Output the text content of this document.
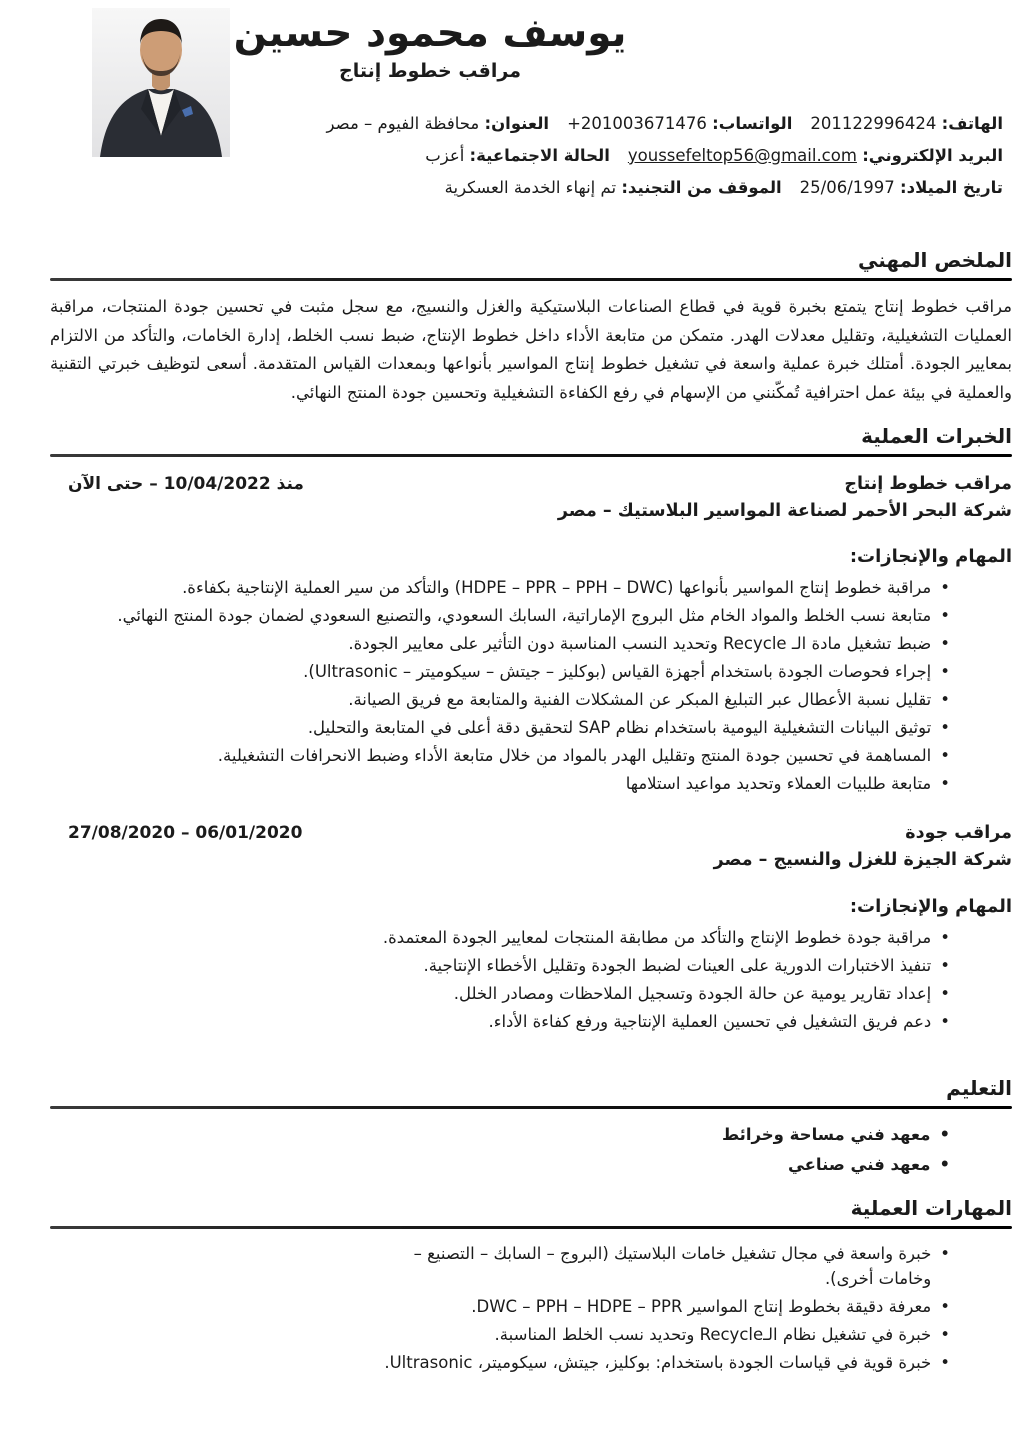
يوسف محمود حسين
مراقب خطوط إنتاج
الهاتف: 201122996424
الواتساب: +201003671476
العنوان: محافظة الفيوم – مصر
البريد الإلكتروني: youssefeltop56@gmail.com
الحالة الاجتماعية: أعزب
تاريخ الميلاد: 25/06/1997
الموقف من التجنيد: تم إنهاء الخدمة العسكرية
الملخص المهني

مراقب خطوط إنتاج يتمتع بخبرة قوية في قطاع الصناعات البلاستيكية والغزل والنسيج، مع سجل مثبت في تحسين جودة المنتجات، مراقبة العمليات التشغيلية، وتقليل معدلات الهدر. متمكن من متابعة الأداء داخل خطوط الإنتاج، ضبط نسب الخلط، إدارة الخامات، والتأكد من الالتزام بمعايير الجودة. أمتلك خبرة عملية واسعة في تشغيل خطوط إنتاج المواسير بأنواعها وبمعدات القياس المتقدمة. أسعى لتوظيف خبرتي التقنية والعملية في بيئة عمل احترافية تُمكّنني من الإسهام في رفع الكفاءة التشغيلية وتحسين جودة المنتج النهائي.

الخبرات العملية
مراقب خطوط إنتاج
شركة البحر الأحمر لصناعة المواسير البلاستيك – مصر
منذ 10/04/2022 – حتى الآن
المهام والإنجازات:
•
مراقبة خطوط إنتاج المواسير بأنواعها (HDPE – PPR – PPH – DWC) والتأكد من سير العملية الإنتاجية بكفاءة.
•
متابعة نسب الخلط والمواد الخام مثل البروج الإماراتية، السابك السعودي، والتصنيع السعودي لضمان جودة المنتج النهائي.
•
ضبط تشغيل مادة الـ Recycle وتحديد النسب المناسبة دون التأثير على معايير الجودة.
•
إجراء فحوصات الجودة باستخدام أجهزة القياس (بوكليز – جيتش – سيكوميتر – Ultrasonic).
•
تقليل نسبة الأعطال عبر التبليغ المبكر عن المشكلات الفنية والمتابعة مع فريق الصيانة.
•
توثيق البيانات التشغيلية اليومية باستخدام نظام SAP لتحقيق دقة أعلى في المتابعة والتحليل.
•
المساهمة في تحسين جودة المنتج وتقليل الهدر بالمواد من خلال متابعة الأداء وضبط الانحرافات التشغيلية.
•
متابعة طلبيات العملاء وتحديد مواعيد استلامها
مراقب جودة
شركة الجيزة للغزل والنسيج – مصر
06/01/2020 – 27/08/2020
المهام والإنجازات:
•
مراقبة جودة خطوط الإنتاج والتأكد من مطابقة المنتجات لمعايير الجودة المعتمدة.
•
تنفيذ الاختبارات الدورية على العينات لضبط الجودة وتقليل الأخطاء الإنتاجية.
•
إعداد تقارير يومية عن حالة الجودة وتسجيل الملاحظات ومصادر الخلل.
•
دعم فريق التشغيل في تحسين العملية الإنتاجية ورفع كفاءة الأداء.
التعليم
•
معهد فني مساحة وخرائط
•
معهد فني صناعي
المهارات العملية
•
خبرة واسعة في مجال تشغيل خامات البلاستيك (البروج – السابك – التصنيع – وخامات أخرى).
•
معرفة دقيقة بخطوط إنتاج المواسير DWC – PPH – HDPE – PPR.
•
خبرة في تشغيل نظام الـRecycle وتحديد نسب الخلط المناسبة.
•
خبرة قوية في قياسات الجودة باستخدام: بوكليز، جيتش، سيكوميتر، Ultrasonic.
